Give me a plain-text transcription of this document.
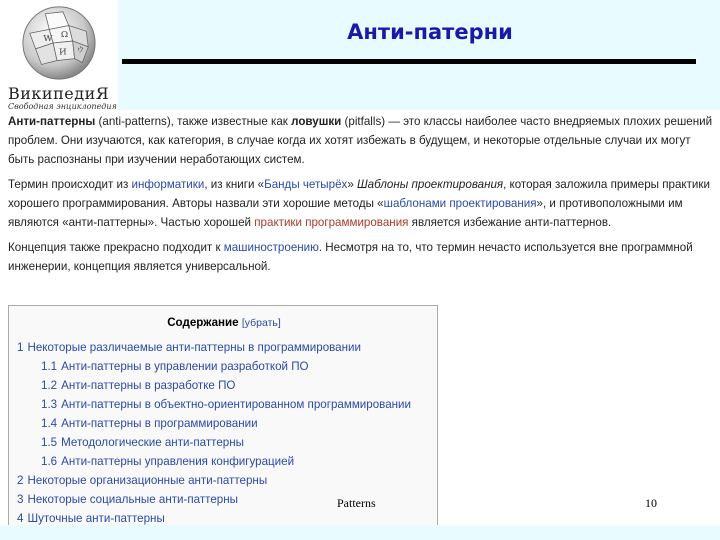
W Ω
И ウ
ВикипедиЯ
Свободная энциклопедия
Анти-патерни

Анти-паттерны (anti-patterns), также известные как ловушки (pitfalls) — это классы наиболее часто внедряемых плохих решений проблем. Они изучаются, как категория, в случае когда их хотят избежать в будущем, и некоторые отдельные случаи их могут быть распознаны при изучении неработающих систем.

Термин происходит из информатики, из книги «Банды четырёх» Шаблоны проектирования, которая заложила примеры практики хорошего программирования. Авторы назвали эти хорошие методы «шаблонами проектирования», и противоположными им являются «анти-паттерны». Частью хорошей практики программирования является избежание анти-паттернов.

Концепция также прекрасно подходит к машиностроению. Несмотря на то, что термин нечасто используется вне программной инженерии, концепция является универсальной.

Содержание [убрать]
1 Некоторые различаемые анти-паттерны в программировании
1.1 Анти-паттерны в управлении разработкой ПО
1.2 Анти-паттерны в разработке ПО
1.3 Анти-паттерны в объектно-ориентированном программировании
1.4 Анти-паттерны в программировании
1.5 Методологические анти-паттерны
1.6 Анти-паттерны управления конфигурацией
2 Некоторые организационные анти-паттерны
3 Некоторые социальные анти-паттерны
4 Шуточные анти-паттерны
Patterns	10
